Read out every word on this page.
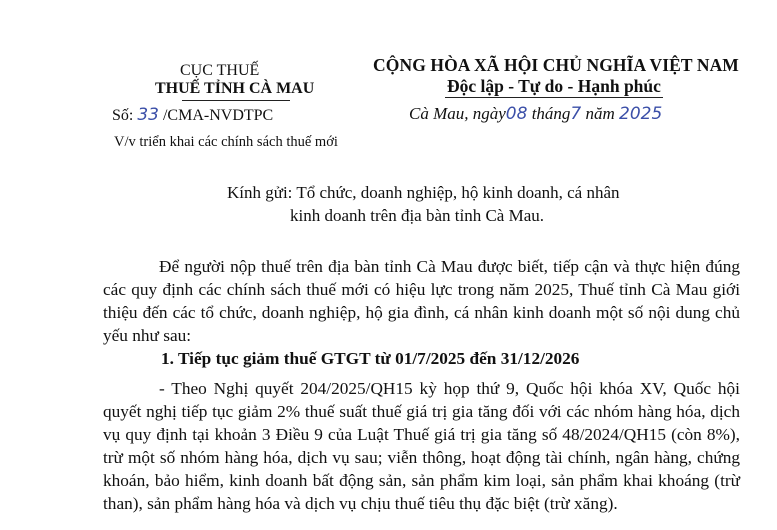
CỤC THUẾ
THUẾ TỈNH CÀ MAU
Số: 33 /CMA-NVDTPC
V/v triển khai các chính sách thuế mới
CỘNG HÒA XÃ HỘI CHỦ NGHĨA VIỆT NAM
Độc lập - Tự do - Hạnh phúc
Cà Mau, ngày08 tháng7 năm 2025
Kính gửi: Tổ chức, doanh nghiệp, hộ kinh doanh, cá nhân
kinh doanh trên địa bàn tỉnh Cà Mau.
Để người nộp thuế trên địa bàn tỉnh Cà Mau được biết, tiếp cận và thực hiện đúng các quy định các chính sách thuế mới có hiệu lực trong năm 2025, Thuế tỉnh Cà Mau giới thiệu đến các tổ chức, doanh nghiệp, hộ gia đình, cá nhân kinh doanh một số nội dung chủ yếu như sau:
1. Tiếp tục giảm thuế GTGT từ 01/7/2025 đến 31/12/2026
- Theo Nghị quyết 204/2025/QH15 kỳ họp thứ 9, Quốc hội khóa XV, Quốc hội quyết nghị tiếp tục giảm 2% thuế suất thuế giá trị gia tăng đối với các nhóm hàng hóa, dịch vụ quy định tại khoản 3 Điều 9 của Luật Thuế giá trị gia tăng số 48/2024/QH15 (còn 8%), trừ một số nhóm hàng hóa, dịch vụ sau; viễn thông, hoạt động tài chính, ngân hàng, chứng khoán, bảo hiểm, kinh doanh bất động sản, sản phẩm kim loại, sản phẩm khai khoáng (trừ than), sản phẩm hàng hóa và dịch vụ chịu thuế tiêu thụ đặc biệt (trừ xăng).
